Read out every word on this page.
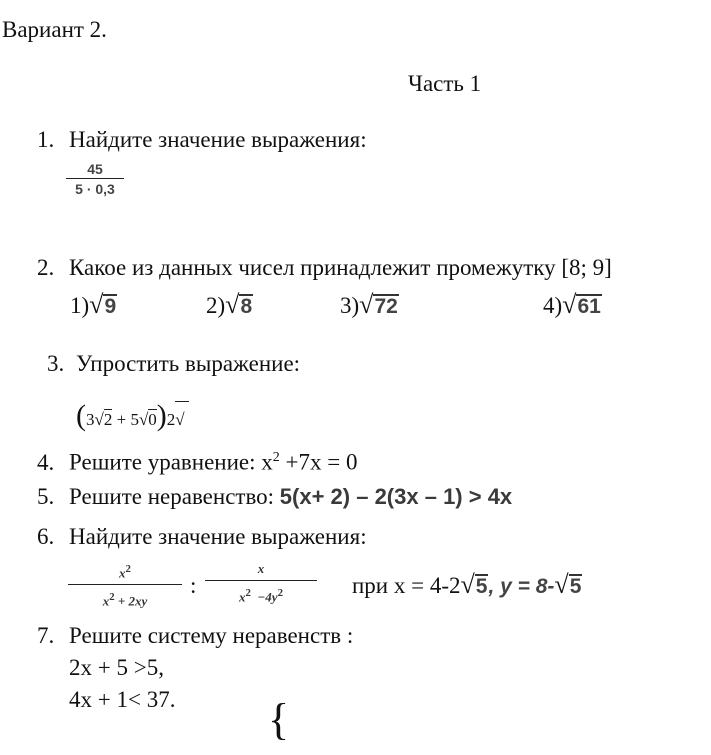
Вариант 2.
Часть 1
1. Найдите значение выражения:
$\frac{45}{5 \cdot 0,3}$
2. Какое из данных чисел принадлежит промежутку [8; 9]
1) √ 9	2) √ 8	3) √ 72	4) √ 61
3. Упростить выражение:
(3√2 + 5√0)2√
4. Решите уравнение: $x^2 +7x = 0$
5. Решите неравенство: 5(x+ 2) – 2(3x – 1) > 4x
6. Найдите значение выражения:
$\frac{x^2}{x^2 + 2xy}$ : $\frac{x}{x^2 -4y^2}$ при x = 4-2 √ 5 , y = 8- √ 5
7. Решите систему неравенств :
2x + 5 >5,
4x + 1< 37. {
